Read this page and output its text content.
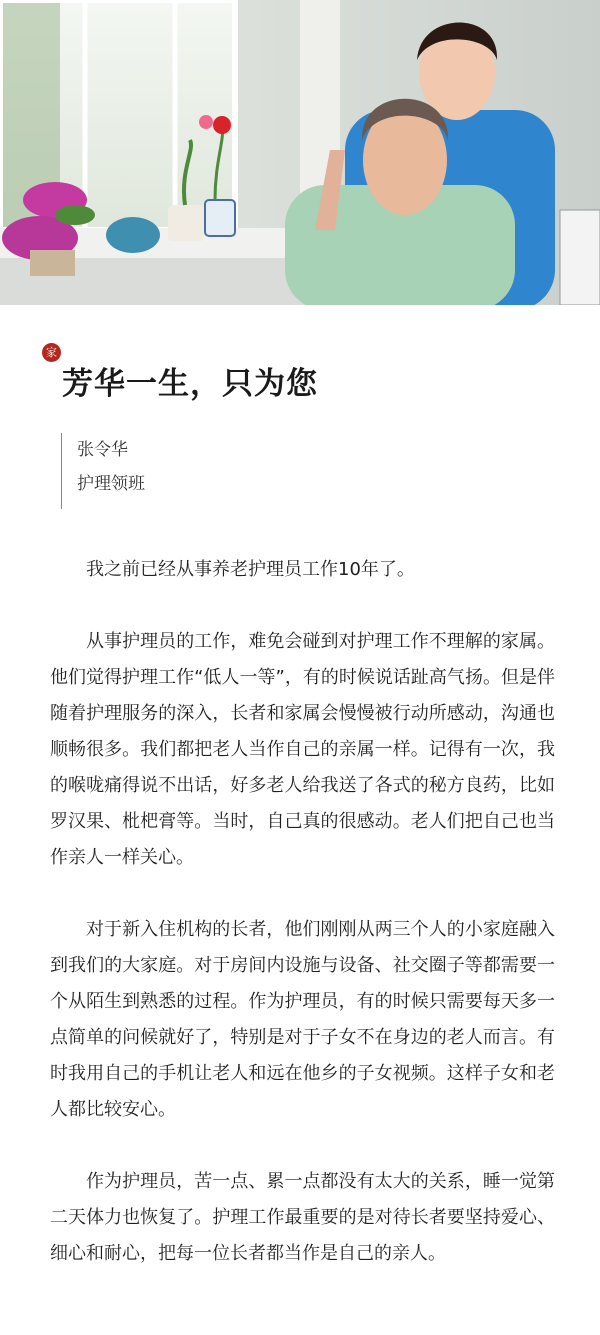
家
芳华一生，只为您
张令华
护理领班

我之前已经从事养老护理员工作10年了。

从事护理员的工作，难免会碰到对护理工作不理解的家属。他们觉得护理工作“低人一等”，有的时候说话趾高气扬。但是伴随着护理服务的深入，长者和家属会慢慢被行动所感动，沟通也顺畅很多。我们都把老人当作自己的亲属一样。记得有一次，我的喉咙痛得说不出话，好多老人给我送了各式的秘方良药，比如罗汉果、枇杷膏等。当时，自己真的很感动。老人们把自己也当作亲人一样关心。

对于新入住机构的长者，他们刚刚从两三个人的小家庭融入到我们的大家庭。对于房间内设施与设备、社交圈子等都需要一个从陌生到熟悉的过程。作为护理员，有的时候只需要每天多一点简单的问候就好了，特别是对于子女不在身边的老人而言。有时我用自己的手机让老人和远在他乡的子女视频。这样子女和老人都比较安心。

作为护理员，苦一点、累一点都没有太大的关系，睡一觉第二天体力也恢复了。护理工作最重要的是对待长者要坚持爱心、细心和耐心，把每一位长者都当作是自己的亲人。
